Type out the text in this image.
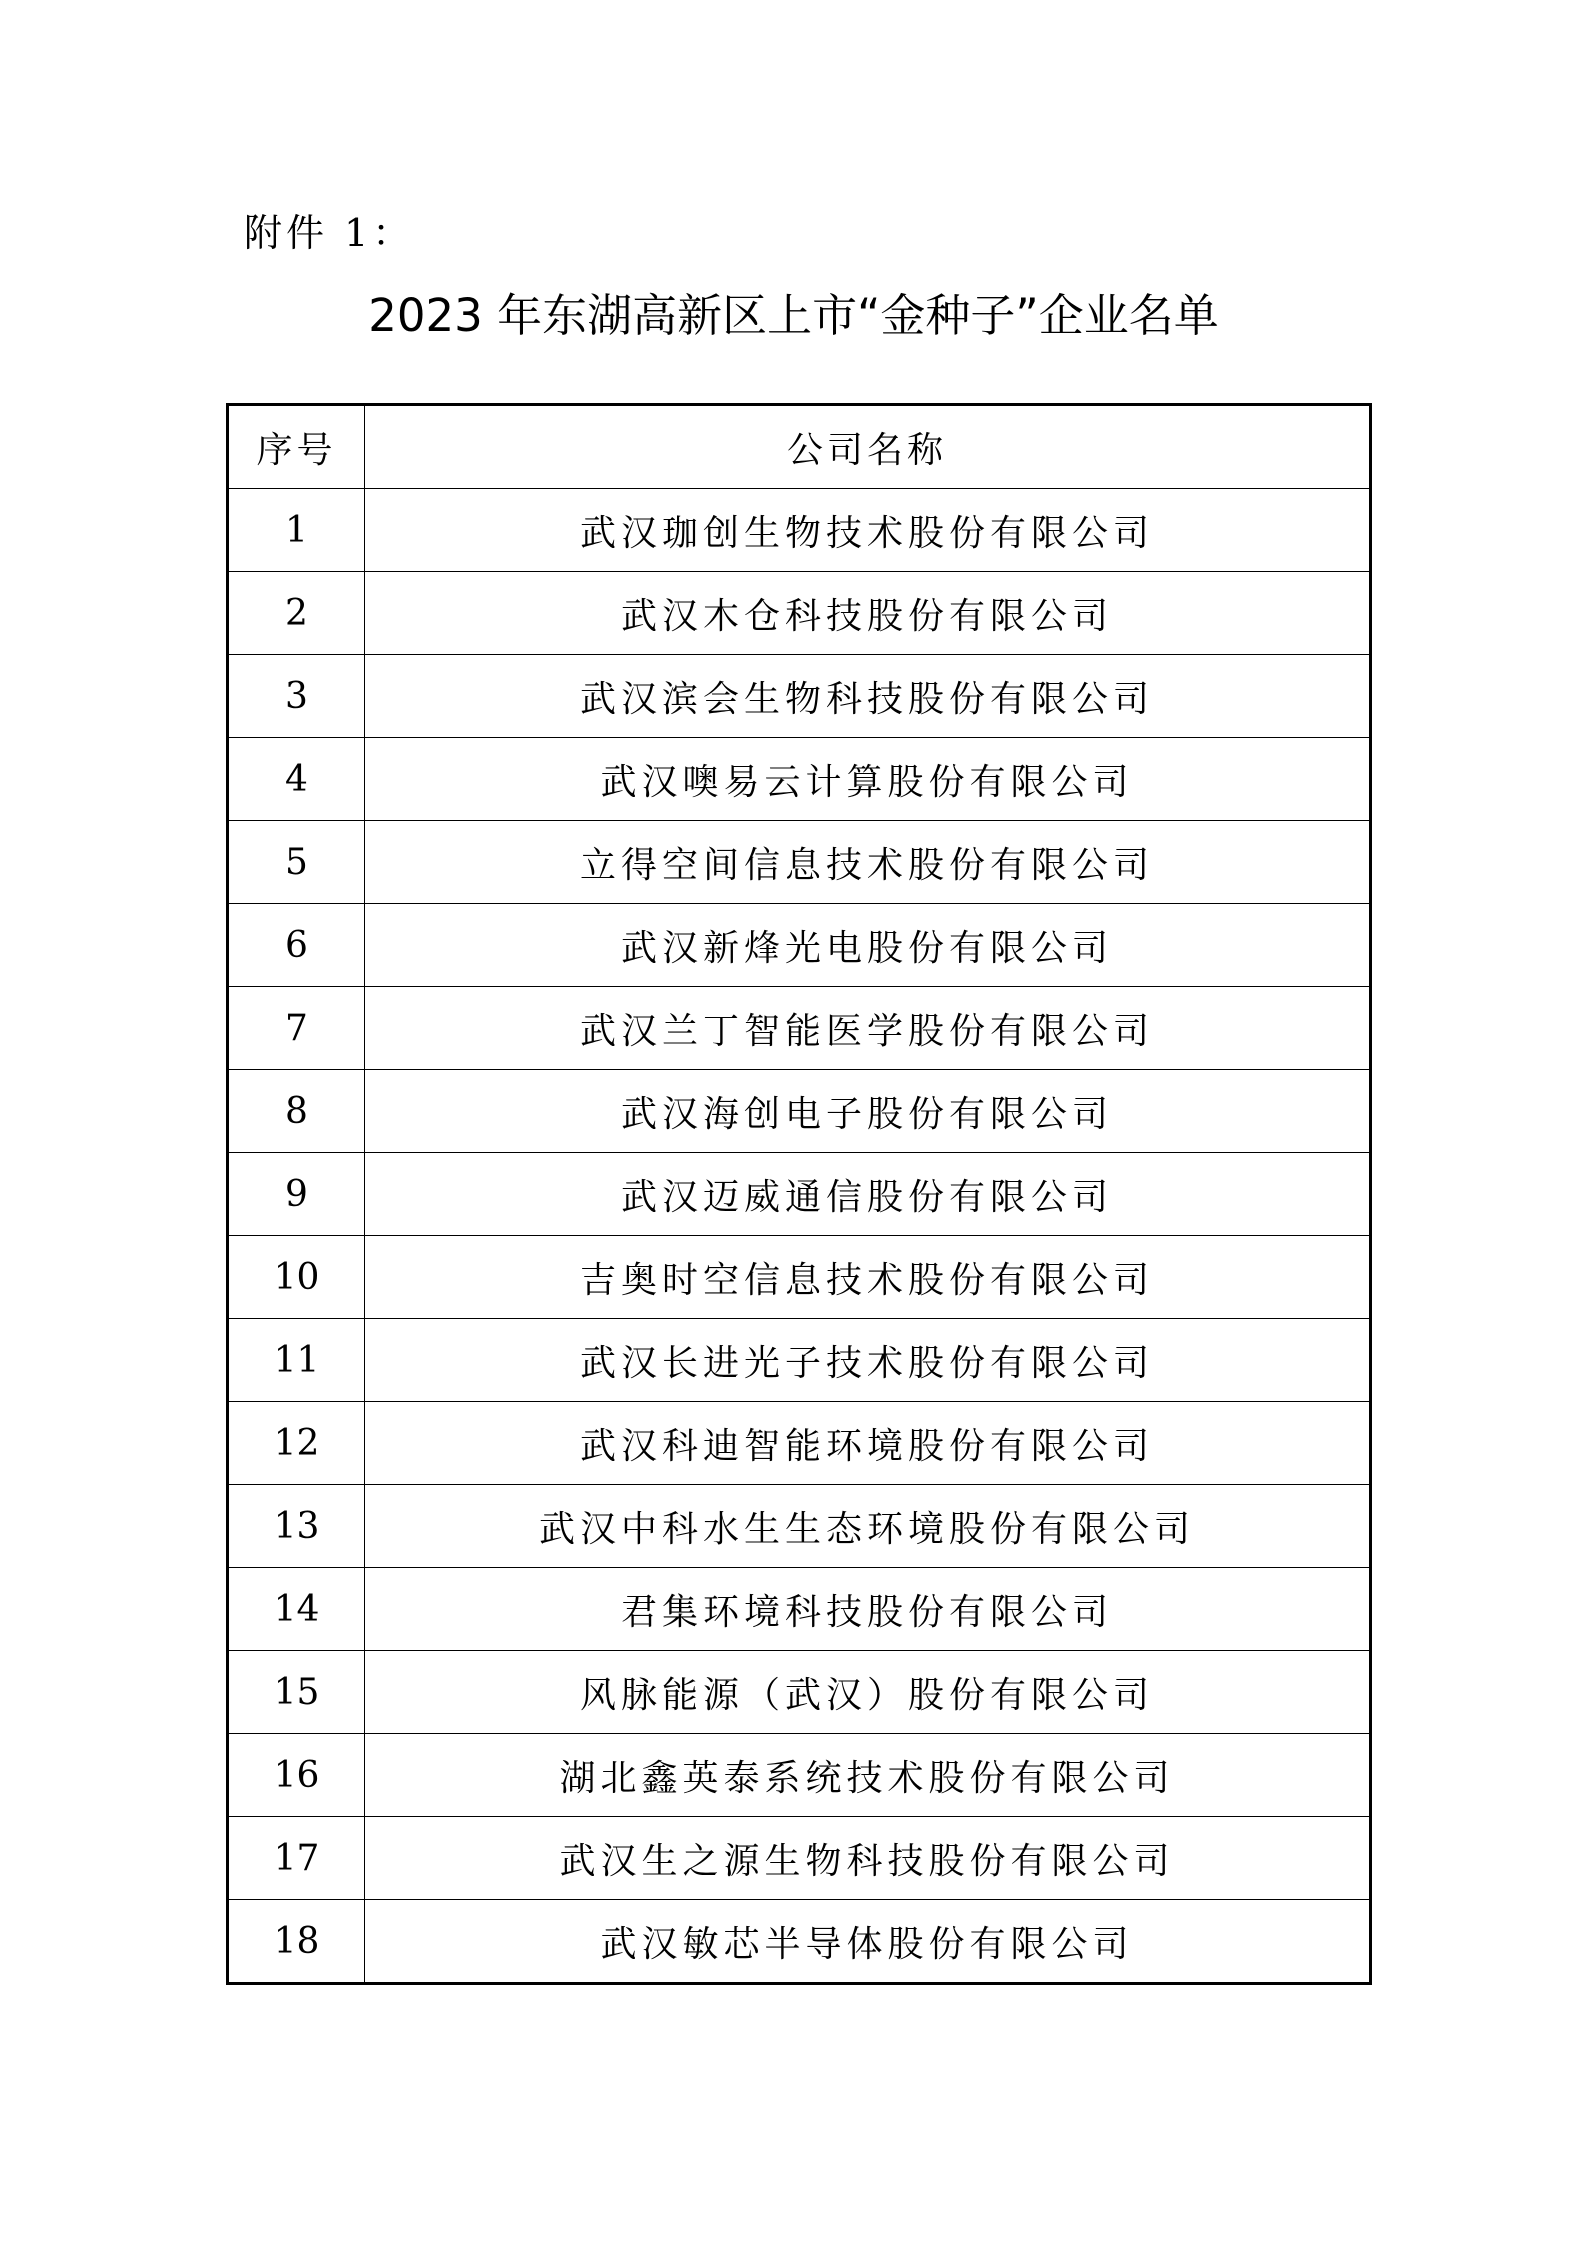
附件 1：
2023 年东湖高新区上市“金种子”企业名单
序号	公司名称
1	武汉珈创生物技术股份有限公司
2	武汉木仓科技股份有限公司
3	武汉滨会生物科技股份有限公司
4	武汉噢易云计算股份有限公司
5	立得空间信息技术股份有限公司
6	武汉新烽光电股份有限公司
7	武汉兰丁智能医学股份有限公司
8	武汉海创电子股份有限公司
9	武汉迈威通信股份有限公司
10	吉奥时空信息技术股份有限公司
11	武汉长进光子技术股份有限公司
12	武汉科迪智能环境股份有限公司
13	武汉中科水生生态环境股份有限公司
14	君集环境科技股份有限公司
15	风脉能源（武汉）股份有限公司
16	湖北鑫英泰系统技术股份有限公司
17	武汉生之源生物科技股份有限公司
18	武汉敏芯半导体股份有限公司
